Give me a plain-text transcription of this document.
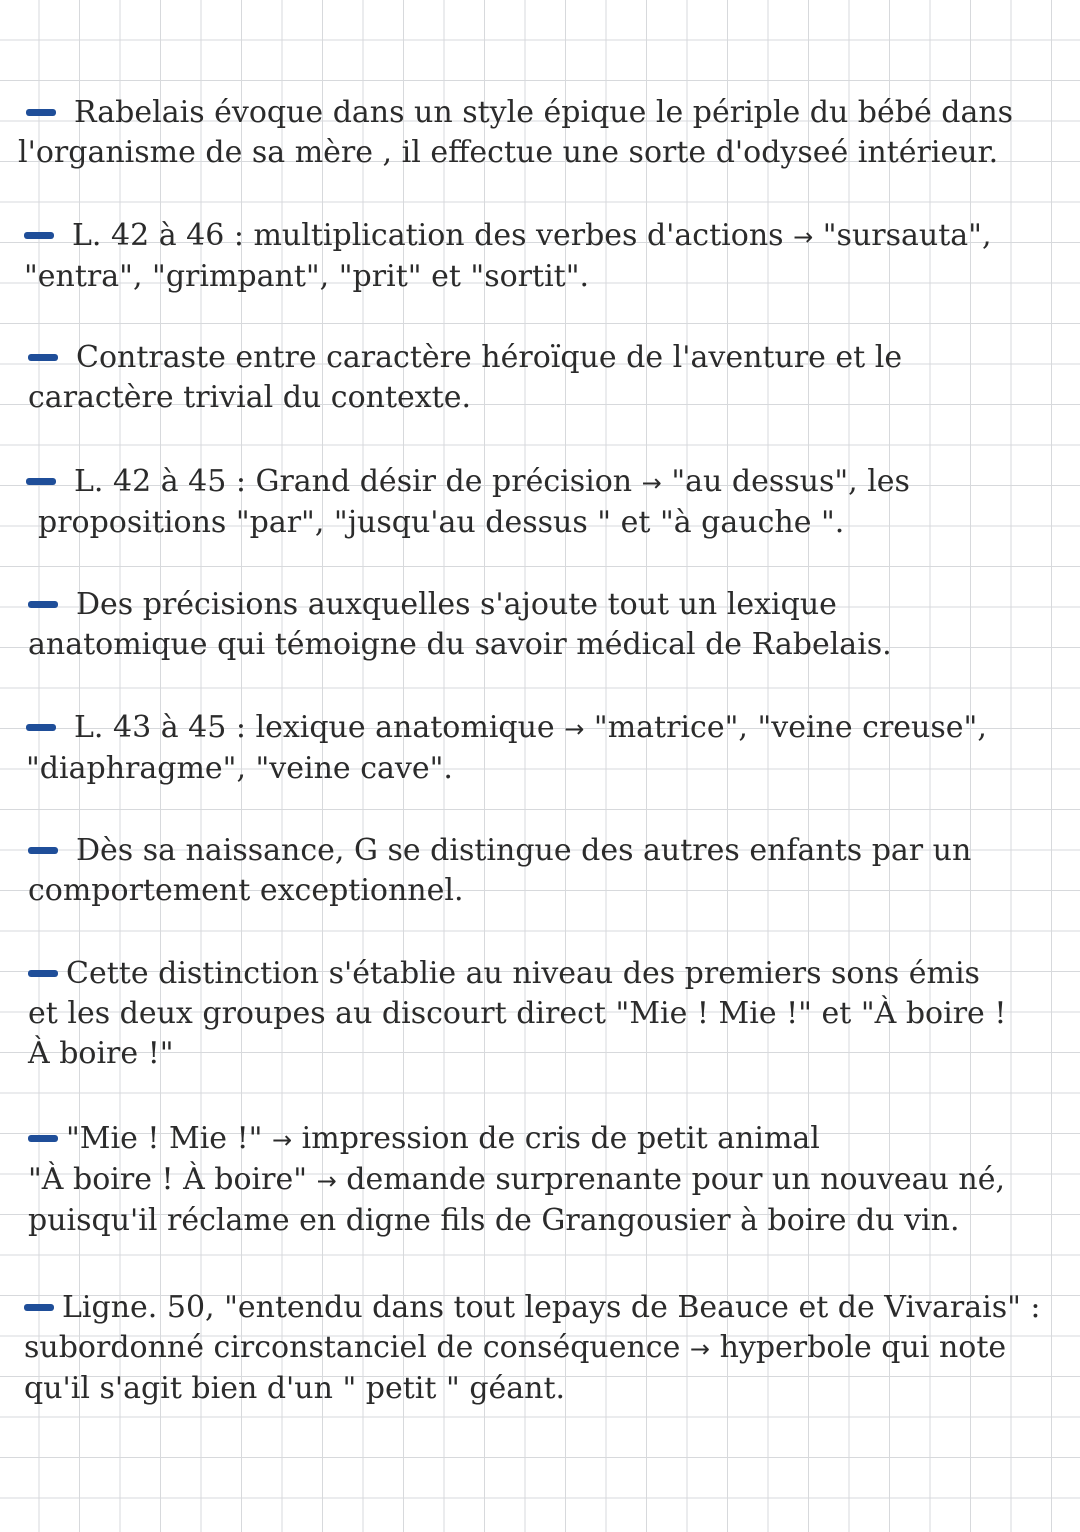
Rabelais évoque dans un style épique le périple du bébé dans
l'organisme de sa mère , il effectue une sorte d'odyseé intérieur.
L. 42 à 46 : multiplication des verbes d'actions → "sursauta",
"entra", "grimpant", "prit" et "sortit".
Contraste entre caractère héroïque de l'aventure et le
caractère trivial du contexte.
L. 42 à 45 : Grand désir de précision → "au dessus", les
propositions "par", "jusqu'au dessus " et "à gauche ".
Des précisions auxquelles s'ajoute tout un lexique
anatomique qui témoigne du savoir médical de Rabelais.
L. 43 à 45 : lexique anatomique → "matrice", "veine creuse",
"diaphragme", "veine cave".
Dès sa naissance, G se distingue des autres enfants par un
comportement exceptionnel.
Cette distinction s'établie au niveau des premiers sons émis
et les deux groupes au discourt direct "Mie ! Mie !" et "À boire !
À boire !"
"Mie ! Mie !" → impression de cris de petit animal
"À boire ! À boire" → demande surprenante pour un nouveau né,
puisqu'il réclame en digne fils de Grangousier à boire du vin.
Ligne. 50, "entendu dans tout lepays de Beauce et de Vivarais" :
subordonné circonstanciel de conséquence → hyperbole qui note
qu'il s'agit bien d'un " petit " géant.
